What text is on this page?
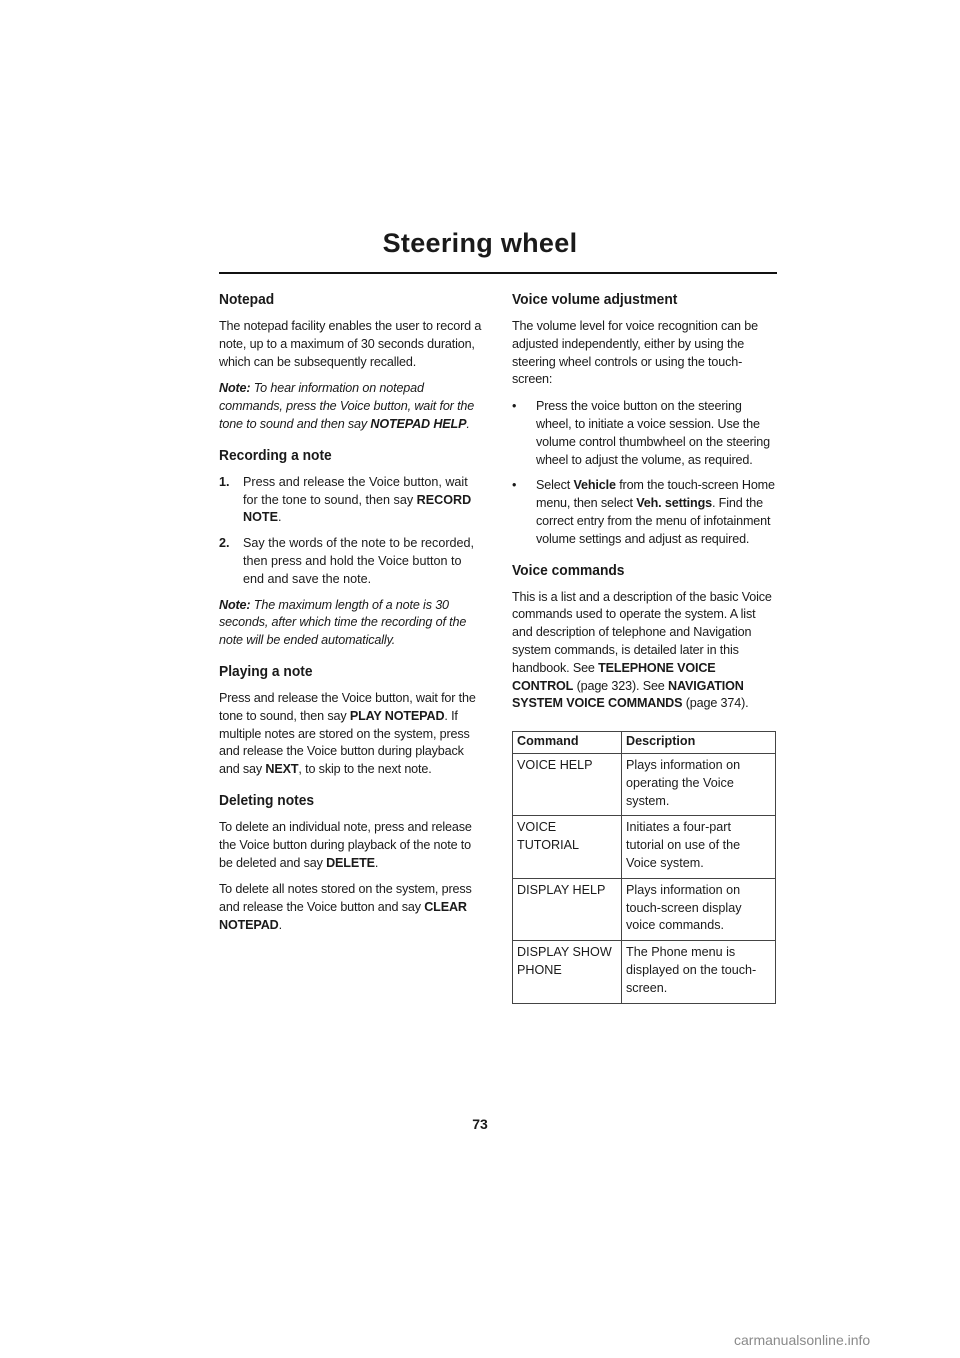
Steering wheel
Notepad

The notepad facility enables the user to record a note, up to a maximum of 30 seconds duration, which can be subsequently recalled.

Note: To hear information on notepad commands, press the Voice button, wait for the tone to sound and then say NOTEPAD HELP.

Recording a note
1.	Press and release the Voice button, wait for the tone to sound, then say RECORD NOTE.
2.	Say the words of the note to be recorded, then press and hold the Voice button to end and save the note.

Note: The maximum length of a note is 30 seconds, after which time the recording of the note will be ended automatically.

Playing a note

Press and release the Voice button, wait for the tone to sound, then say PLAY NOTEPAD. If multiple notes are stored on the system, press and release the Voice button during playback and say NEXT, to skip to the next note.

Deleting notes

To delete an individual note, press and release the Voice button during playback of the note to be deleted and say DELETE.

To delete all notes stored on the system, press and release the Voice button and say CLEAR NOTEPAD.

Voice volume adjustment

The volume level for voice recognition can be adjusted independently, either by using the steering wheel controls or using the touch-screen:

•	Press the voice button on the steering wheel, to initiate a voice session. Use the volume control thumbwheel on the steering wheel to adjust the volume, as required.
•	Select Vehicle from the touch-screen Home menu, then select Veh. settings. Find the correct entry from the menu of infotainment volume settings and adjust as required.
Voice commands

This is a list and a description of the basic Voice commands used to operate the system. A list and description of telephone and Navigation system commands, is detailed later in this handbook. See TELEPHONE VOICE CONTROL (page 323). See NAVIGATION SYSTEM VOICE COMMANDS (page 374).

Command	Description
VOICE HELP	Plays information on operating the Voice system.
VOICE TUTORIAL	Initiates a four-part tutorial on use of the Voice system.
DISPLAY HELP	Plays information on touch-screen display voice commands.
DISPLAY SHOW PHONE	The Phone menu is displayed on the touch-screen.
73
carmanualsonline.info
